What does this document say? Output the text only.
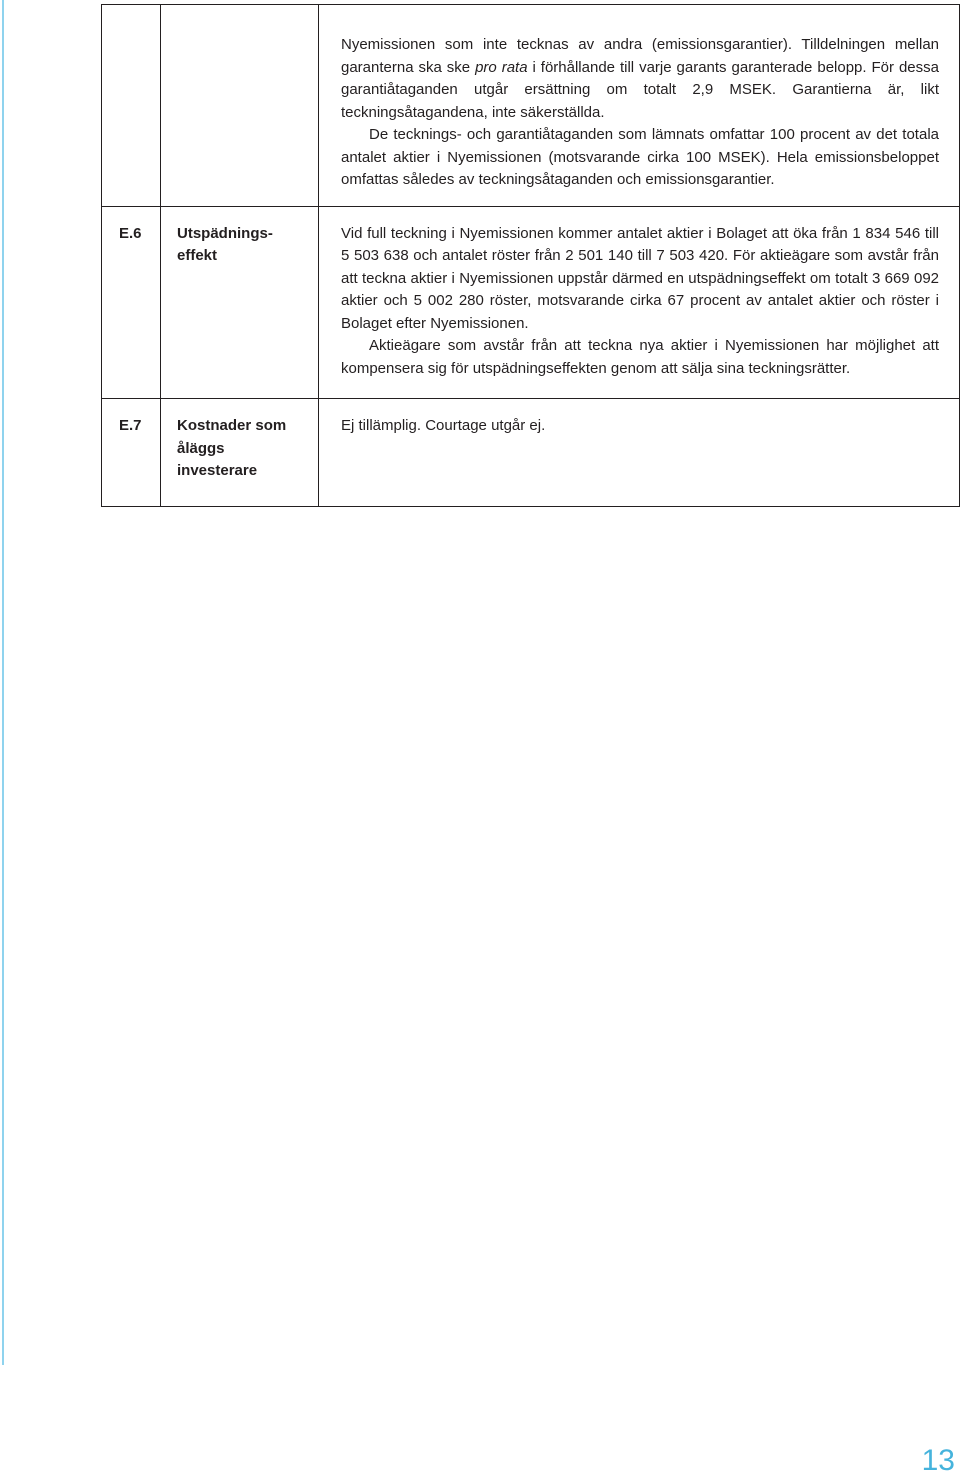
		Nyemissionen som inte tecknas av andra (emissionsgarantier). Tilldelningen mellan garanterna ska ske pro rata i förhållande till varje garants garanterade belopp. För dessa garantiåtaganden utgår ersättning om totalt 2,9 MSEK. Garantierna är, likt teckningsåtagandena, inte säkerställda.

De tecknings- och garantiåtaganden som lämnats omfattar 100 procent av det totala antalet aktier i Nyemissionen (motsvarande cirka 100 MSEK). Hela emissionsbeloppet omfattas således av teckningsåtaganden och emissionsgarantier.

E.6	Utspädnings- effekt	Vid full teckning i Nyemissionen kommer antalet aktier i Bolaget att öka från 1 834 546 till 5 503 638 och antalet röster från 2 501 140 till 7 503 420. För aktieägare som avstår från att teckna aktier i Nyemissionen uppstår därmed en utspädningseffekt om totalt 3 669 092 aktier och 5 002 280 röster, motsvarande cirka 67 procent av antalet aktier och röster i Bolaget efter Nyemissionen.

Aktieägare som avstår från att teckna nya aktier i Nyemissionen har möjlighet att kompensera sig för utspädningseffekten genom att sälja sina teckningsrätter.

E.7	Kostnader som åläggs investerare	Ej tillämplig. Courtage utgår ej.

13
